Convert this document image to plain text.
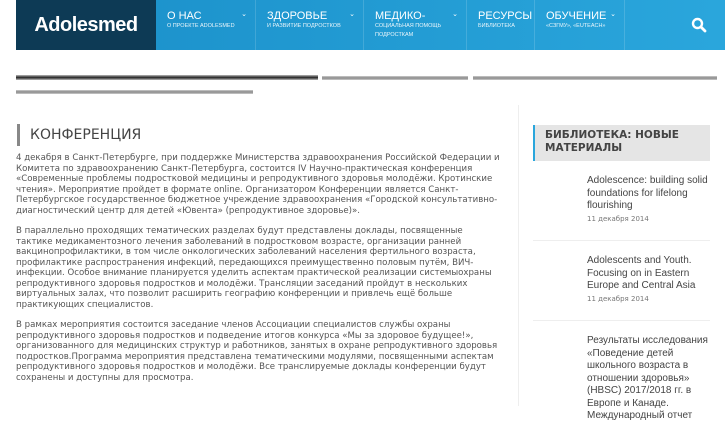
Adolesmed	О НАС
О ПРОЕКТЕ ADOLESMED
⌄ ЗДОРОВЬЕ
И РАЗВИТИЕ ПОДРОСТКОВ
⌄ МЕДИКО-
СОЦИАЛЬНАЯ ПОМОЩЬ ПОДРОСТКАМ
⌄ РЕСУРСЫ
БИБЛИОТЕКА
ОБУЧЕНИЕ
«СЗГМУ», «EUTEACH»
⌄
КОНФЕРЕНЦИЯ

4 декабря в Санкт-Петербурге, при поддержке Министерства здравоохранения Российской Федерации и Комитета по здравоохранению Санкт-Петербурга, состоится IV Научно-практическая конференция «Современные проблемы подростковой медицины и репродуктивного здоровья молодёжи. Кротинские чтения». Мероприятие пройдет в формате online. Организатором Конференции является Санкт-Петербургское государственное бюджетное учреждение здравоохранения «Городской консультативно-диагностический центр для детей «Ювента» (репродуктивное здоровье)».

В параллельно проходящих тематических разделах будут представлены доклады, посвященные тактике медикаментозного лечения заболеваний в подростковом возрасте, организации ранней вакцинопрофилактики, в том числе онкологических заболеваний населения фертильного возраста, профилактике распространения инфекций, передающихся преимущественно половым путём, ВИЧ-инфекции. Особое внимание планируется уделить аспектам практической реализации системыохраны репродуктивного здоровья подростков и молодёжи. Трансляции заседаний пройдут в нескольких виртуальных залах, что позволит расширить географию конференции и привлечь ещё больше практикующих специалистов.

В рамках мероприятия состоится заседание членов Ассоциации специалистов службы охраны репродуктивного здоровья подростков и подведение итогов конкурса «Мы за здоровое будущее!», организованного для медицинских структур и работников, занятых в охране репродуктивного здоровья подростков.Программа мероприятия представлена тематическими модулями, посвященными аспектам репродуктивного здоровья подростков и молодёжи. Все транслируемые доклады конференции будут сохранены и доступны для просмотра.

БИБЛИОТЕКА: НОВЫЕ МАТЕРИАЛЫ
Adolescence: building solid foundations for lifelong flourishing
11 декабря 2014
Adolescents and Youth. Focusing on in Eastern Europe and Central Asia
11 декабря 2014
Результаты исследования «Поведение детей школьного возраста в отношении здоровья» (HBSC) 2017/2018 гг. в Европе и Канаде. Международный отчет
